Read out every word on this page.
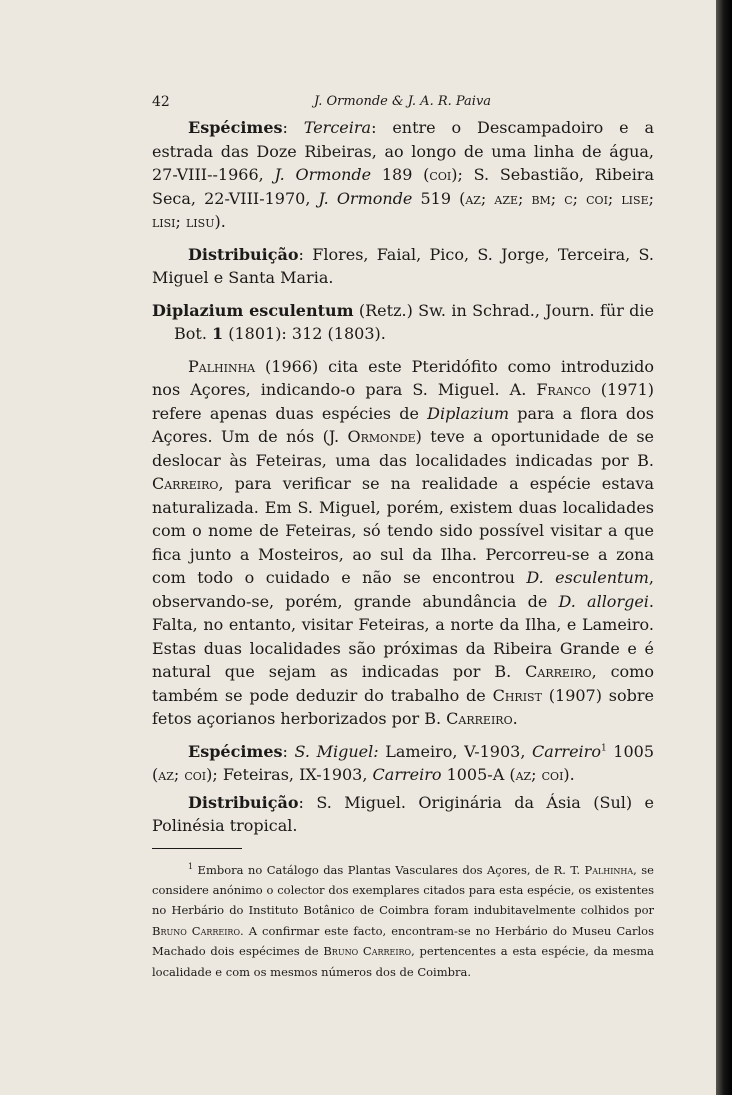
42	J. Ormonde & J. A. R. Paiva

Espécimes: Terceira: entre o Descampadoiro e a estrada das Doze Ribeiras, ao longo de uma linha de água, 27-VIII--1966, J. Ormonde 189 (coi); S. Sebastião, Ribeira Seca, 22-VIII-1970, J. Ormonde 519 (az; aze; bm; c; coi; lise; lisi; lisu).

Distribuição: Flores, Faial, Pico, S. Jorge, Terceira, S. Miguel e Santa Maria.

Diplazium esculentum (Retz.) Sw. in Schrad., Journ. für die Bot. 1 (1801): 312 (1803).

Palhinha (1966) cita este Pteridófito como introduzido nos Açores, indicando-o para S. Miguel. A. Franco (1971) refere apenas duas espécies de Diplazium para a flora dos Açores. Um de nós (J. Ormonde) teve a oportunidade de se deslocar às Feteiras, uma das localidades indicadas por B. Carreiro, para verificar se na realidade a espécie estava naturalizada. Em S. Miguel, porém, existem duas localidades com o nome de Feteiras, só tendo sido possível visitar a que fica junto a Mosteiros, ao sul da Ilha. Percorreu-se a zona com todo o cuidado e não se encontrou D. esculentum, observando-se, porém, grande abundância de D. allorgei. Falta, no entanto, visitar Feteiras, a norte da Ilha, e Lameiro. Estas duas localidades são próximas da Ribeira Grande e é natural que sejam as indicadas por B. Carreiro, como também se pode deduzir do trabalho de Christ (1907) sobre fetos açorianos herborizados por B. Carreiro.

Espécimes: S. Miguel: Lameiro, V-1903, Carreiro$^1$ 1005 (az; coi); Feteiras, IX-1903, Carreiro 1005-A (az; coi).

Distribuição: S. Miguel. Originária da Ásia (Sul) e Polinésia tropical.

$^1$ Embora no Catálogo das Plantas Vasculares dos Açores, de R. T. Palhinha, se considere anónimo o colector dos exemplares citados para esta espécie, os existentes no Herbário do Instituto Botânico de Coimbra foram indubitavelmente colhidos por Bruno Carreiro. A confirmar este facto, encontram-se no Herbário do Museu Carlos Machado dois espécimes de Bruno Carreiro, pertencentes a esta espécie, da mesma localidade e com os mesmos números dos de Coimbra.
